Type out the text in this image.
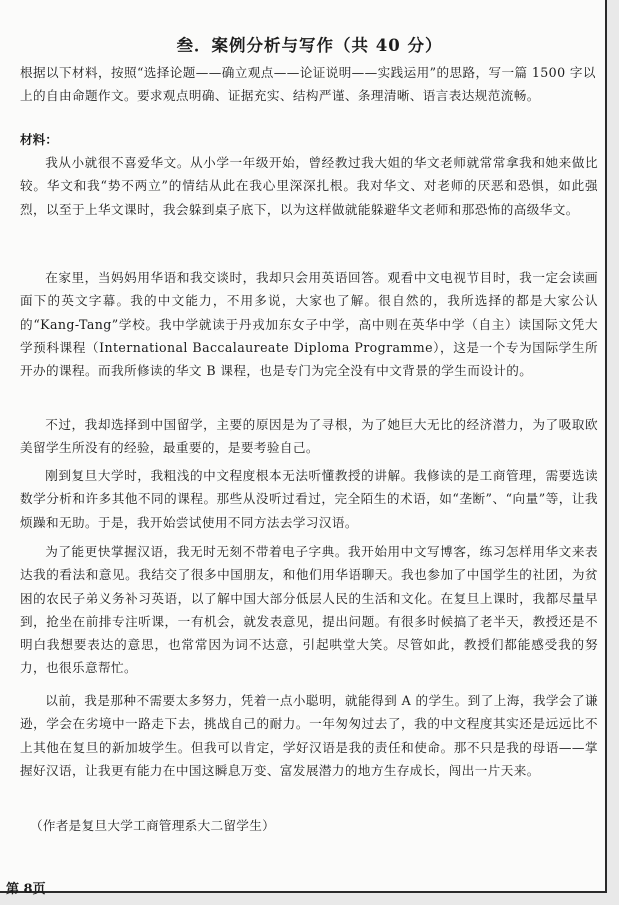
叁．案例分析与写作（共 40 分）
根据以下材料，按照“选择论题——确立观点——论证说明——实践运用”的思路，写一篇 1500 字以上的自由命题作文。要求观点明确、证据充实、结构严谨、条理清晰、语言表达规范流畅。
材料：
我从小就很不喜爱华文。从小学一年级开始，曾经教过我大姐的华文老师就常常拿我和她来做比较。华文和我“势不两立”的情结从此在我心里深深扎根。我对华文、对老师的厌恶和恐惧，如此强烈，以至于上华文课时，我会躲到桌子底下，以为这样做就能躲避华文老师和那恐怖的高级华文。
在家里，当妈妈用华语和我交谈时，我却只会用英语回答。观看中文电视节目时，我一定会读画面下的英文字幕。我的中文能力，不用多说，大家也了解。很自然的，我所选择的都是大家公认的“Kang-Tang”学校。我中学就读于丹戎加东女子中学，高中则在英华中学（自主）读国际文凭大学预科课程（International Baccalaureate Diploma Programme），这是一个专为国际学生所开办的课程。而我所修读的华文 B 课程，也是专门为完全没有中文背景的学生而设计的。
不过，我却选择到中国留学，主要的原因是为了寻根，为了她巨大无比的经济潜力，为了吸取欧美留学生所没有的经验，最重要的，是要考验自己。
刚到复旦大学时，我粗浅的中文程度根本无法听懂教授的讲解。我修读的是工商管理，需要选读数学分析和许多其他不同的课程。那些从没听过看过，完全陌生的术语，如“垄断”、“向量”等，让我烦躁和无助。于是，我开始尝试使用不同方法去学习汉语。
为了能更快掌握汉语，我无时无刻不带着电子字典。我开始用中文写博客，练习怎样用华文来表达我的看法和意见。我结交了很多中国朋友，和他们用华语聊天。我也参加了中国学生的社团，为贫困的农民子弟义务补习英语，以了解中国大部分低层人民的生活和文化。在复旦上课时，我都尽量早到，抢坐在前排专注听课，一有机会，就发表意见，提出问题。有很多时候搞了老半天，教授还是不明白我想要表达的意思，也常常因为词不达意，引起哄堂大笑。尽管如此，教授们都能感受我的努力，也很乐意帮忙。
以前，我是那种不需要太多努力，凭着一点小聪明，就能得到 A 的学生。到了上海，我学会了谦逊，学会在劣境中一路走下去，挑战自己的耐力。一年匆匆过去了，我的中文程度其实还是远远比不上其他在复旦的新加坡学生。但我可以肯定，学好汉语是我的责任和使命。那不只是我的母语——掌握好汉语，让我更有能力在中国这瞬息万变、富发展潜力的地方生存成长，闯出一片天来。
（作者是复旦大学工商管理系大二留学生）
第 8页
